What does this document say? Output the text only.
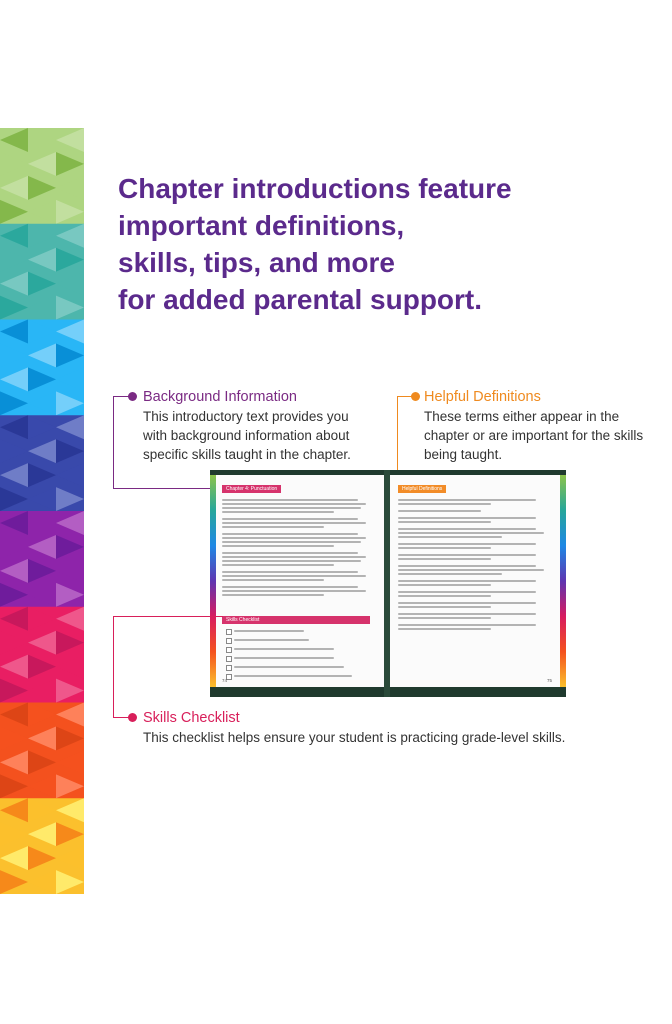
Chapter introductions feature
important definitions,
skills, tips, and more
for added parental support.
Background Information
This introductory text provides you
with background information about
specific skills taught in the chapter.
Helpful Definitions
These terms either appear in the
chapter or are important for the skills
being taught.
Chapter 4: Punctuation
Skills Checklist
74
Helpful Definitions
75
Skills Checklist
This checklist helps ensure your student is practicing grade-level skills.
